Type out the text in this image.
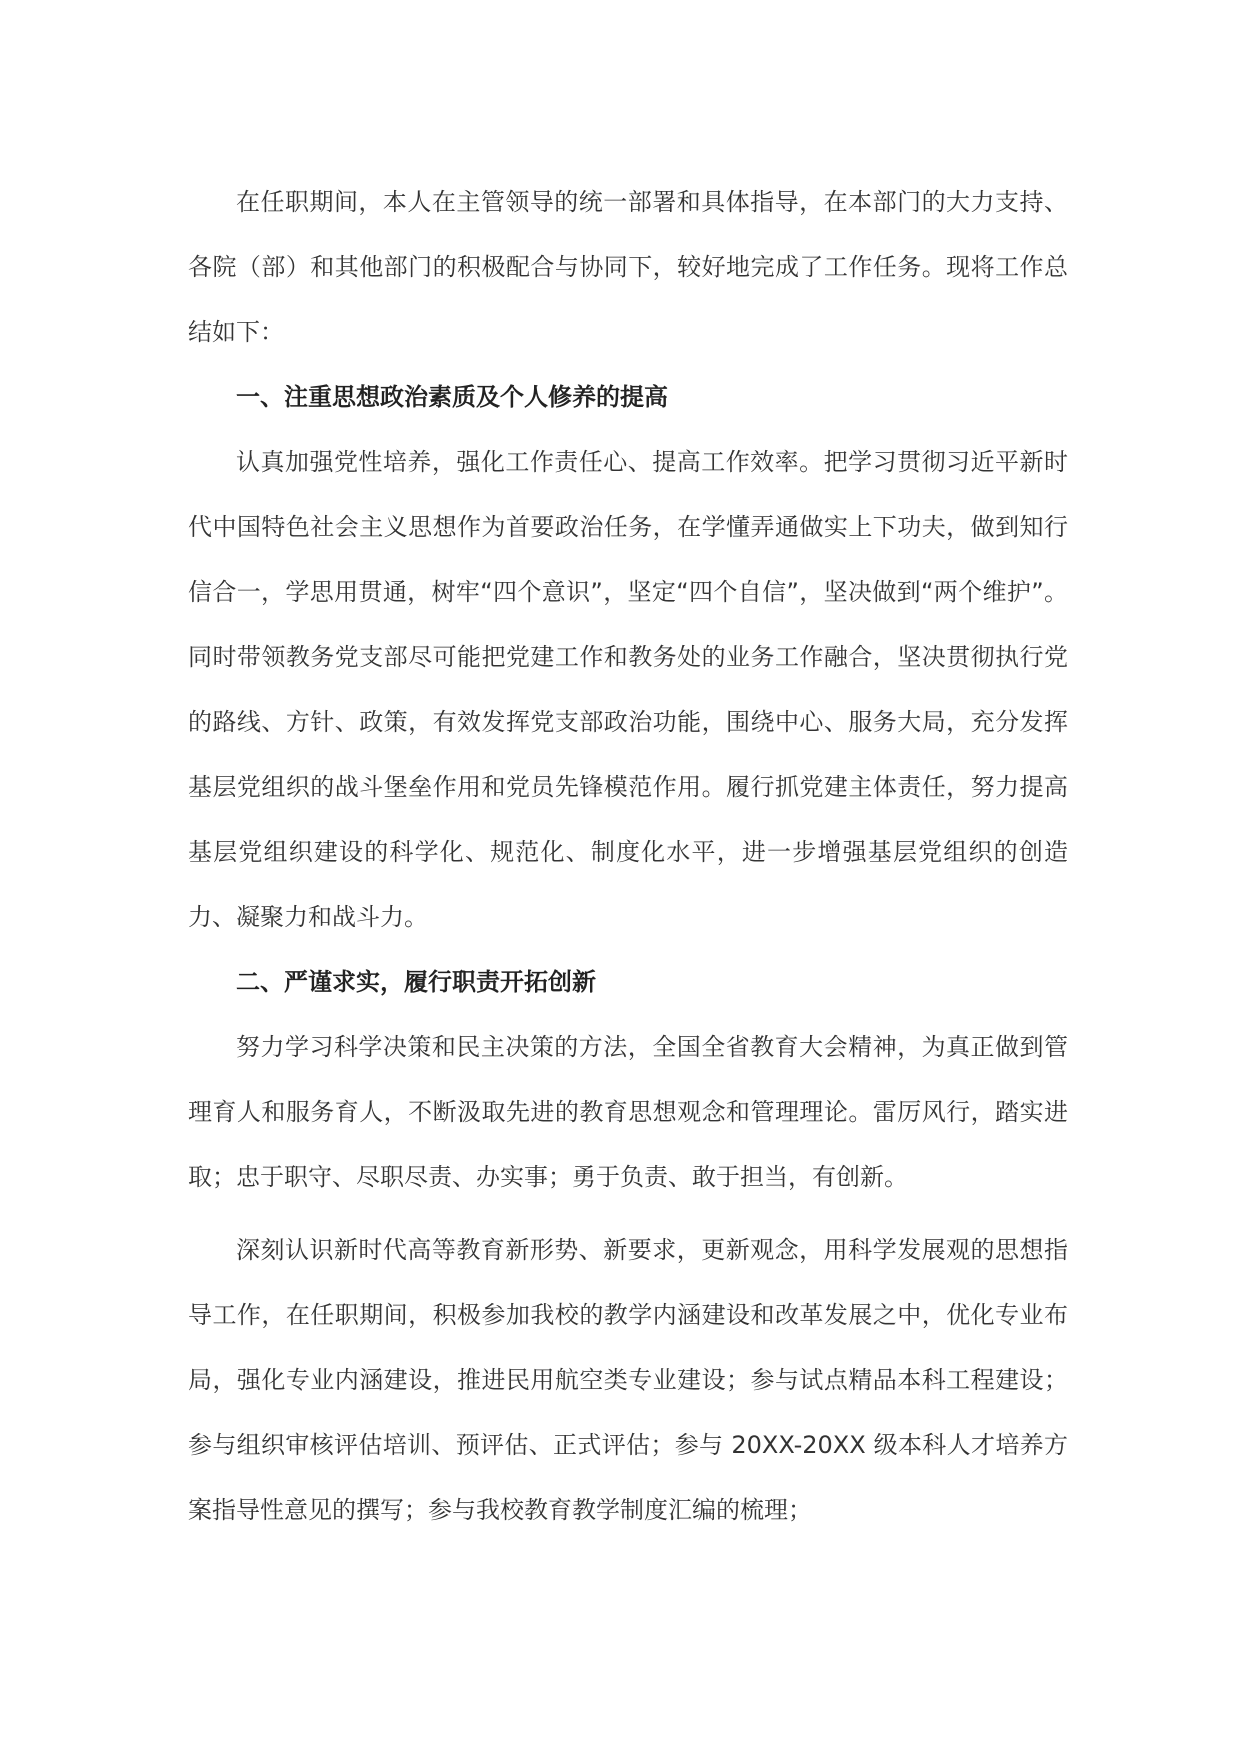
在任职期间，本人在主管领导的统一部署和具体指导，在本部门的大力支持、各院（部）和其他部门的积极配合与协同下，较好地完成了工作任务。现将工作总结如下：

一、注重思想政治素质及个人修养的提高

认真加强党性培养，强化工作责任心、提高工作效率。把学习贯彻习近平新时代中国特色社会主义思想作为首要政治任务，在学懂弄通做实上下功夫，做到知行信合一，学思用贯通，树牢“四个意识”，坚定“四个自信”，坚决做到“两个维护”。同时带领教务党支部尽可能把党建工作和教务处的业务工作融合，坚决贯彻执行党的路线、方针、政策，有效发挥党支部政治功能，围绕中心、服务大局，充分发挥基层党组织的战斗堡垒作用和党员先锋模范作用。履行抓党建主体责任，努力提高基层党组织建设的科学化、规范化、制度化水平，进一步增强基层党组织的创造力、凝聚力和战斗力。

二、严谨求实，履行职责开拓创新

努力学习科学决策和民主决策的方法，全国全省教育大会精神，为真正做到管理育人和服务育人，不断汲取先进的教育思想观念和管理理论。雷厉风行，踏实进取；忠于职守、尽职尽责、办实事；勇于负责、敢于担当，有创新。

深刻认识新时代高等教育新形势、新要求，更新观念，用科学发展观的思想指导工作，在任职期间，积极参加我校的教学内涵建设和改革发展之中，优化专业布局，强化专业内涵建设，推进民用航空类专业建设；参与试点精品本科工程建设；参与组织审核评估培训、预评估、正式评估；参与 20XX-20XX 级本科人才培养方案指导性意见的撰写；参与我校教育教学制度汇编的梳理；
